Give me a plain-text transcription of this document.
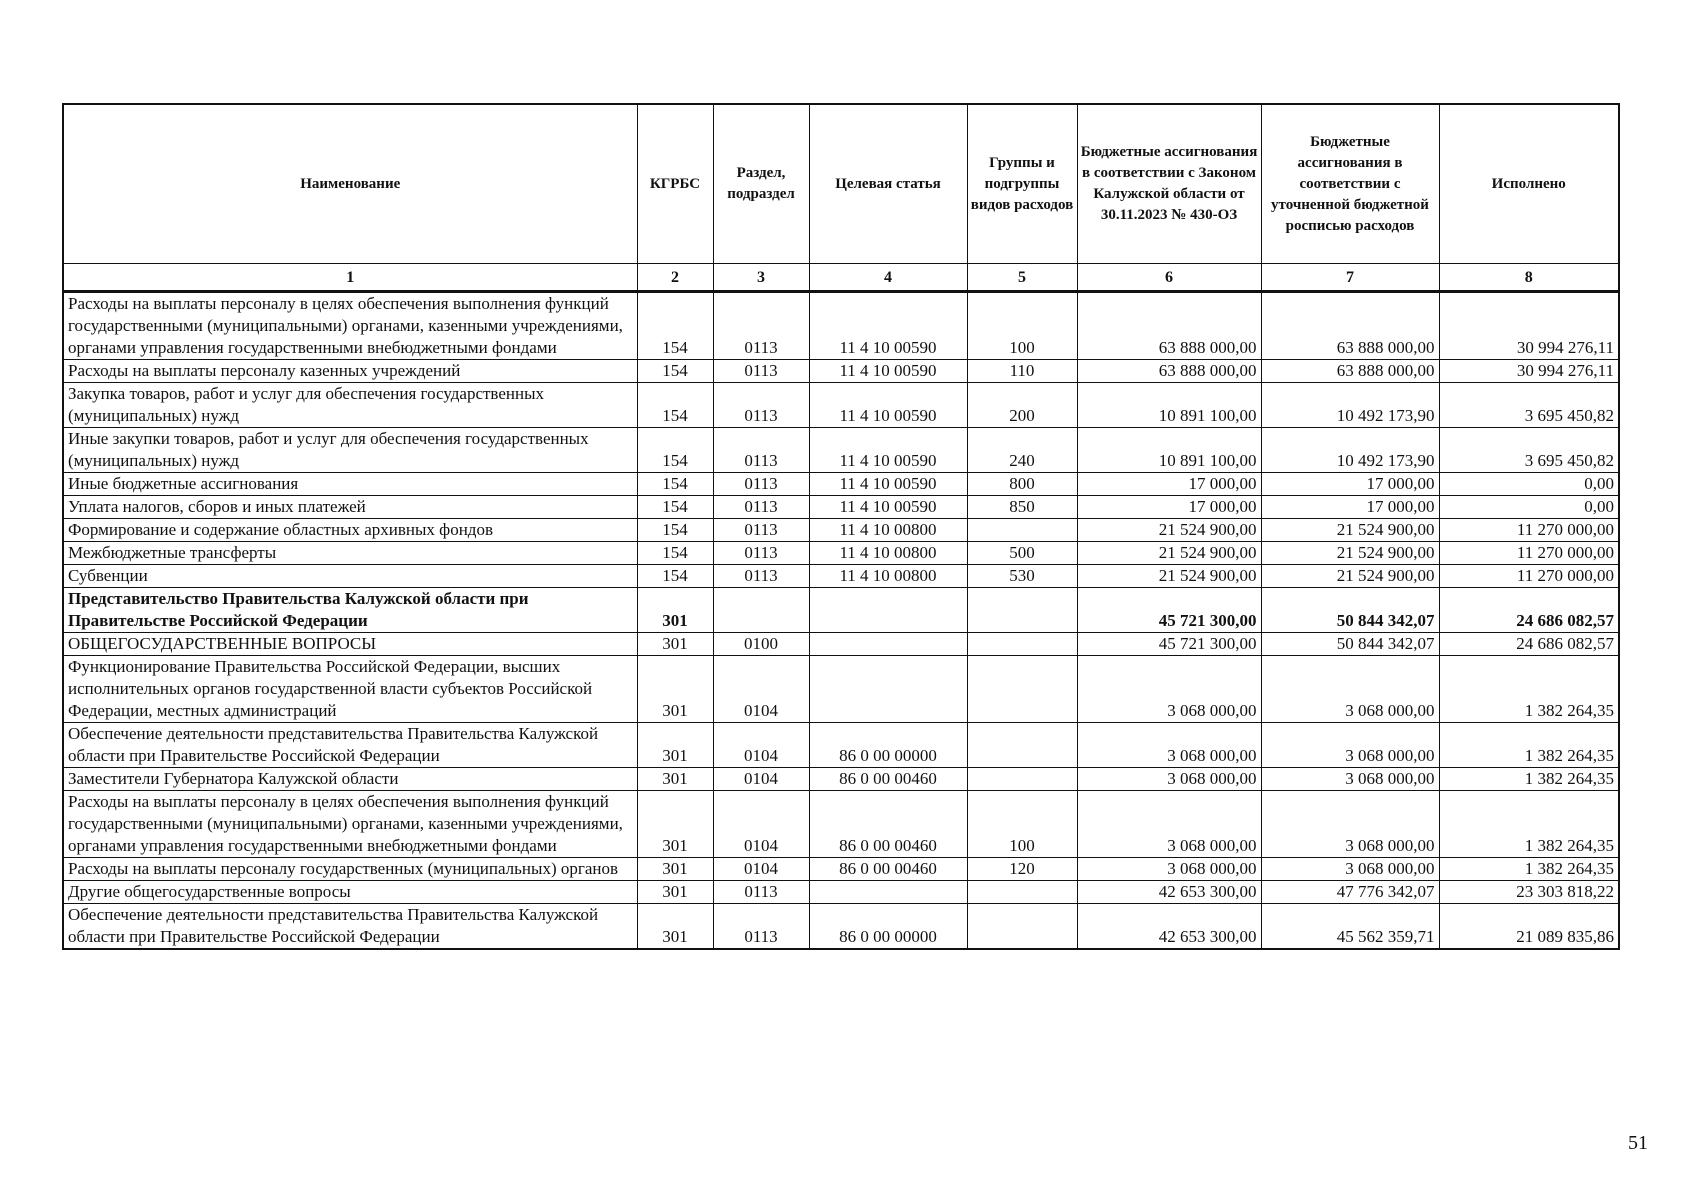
Наименование	КГРБС	Раздел, подраздел	Целевая статья	Группы и подгруппы видов расходов	Бюджетные ассигнования в соответствии с Законом Калужской области от 30.11.2023 № 430-ОЗ	Бюджетные ассигнования в соответствии с уточненной бюджетной росписью расходов	Исполнено
1	2	3	4	5	6	7	8
Расходы на выплаты персоналу в целях обеспечения выполнения функций государственными (муниципальными) органами, казенными учреждениями, органами управления государственными внебюджетными фондами	154	0113	11 4 10 00590	100	63 888 000,00	63 888 000,00	30 994 276,11
Расходы на выплаты персоналу казенных учреждений	154	0113	11 4 10 00590	110	63 888 000,00	63 888 000,00	30 994 276,11
Закупка товаров, работ и услуг для обеспечения государственных (муниципальных) нужд	154	0113	11 4 10 00590	200	10 891 100,00	10 492 173,90	3 695 450,82
Иные закупки товаров, работ и услуг для обеспечения государственных (муниципальных) нужд	154	0113	11 4 10 00590	240	10 891 100,00	10 492 173,90	3 695 450,82
Иные бюджетные ассигнования	154	0113	11 4 10 00590	800	17 000,00	17 000,00	0,00
Уплата налогов, сборов и иных платежей	154	0113	11 4 10 00590	850	17 000,00	17 000,00	0,00
Формирование и содержание областных архивных фондов	154	0113	11 4 10 00800		21 524 900,00	21 524 900,00	11 270 000,00
Межбюджетные трансферты	154	0113	11 4 10 00800	500	21 524 900,00	21 524 900,00	11 270 000,00
Субвенции	154	0113	11 4 10 00800	530	21 524 900,00	21 524 900,00	11 270 000,00
Представительство Правительства Калужской области при Правительстве Российской Федерации	301				45 721 300,00	50 844 342,07	24 686 082,57
ОБЩЕГОСУДАРСТВЕННЫЕ ВОПРОСЫ	301	0100			45 721 300,00	50 844 342,07	24 686 082,57
Функционирование Правительства Российской Федерации, высших исполнительных органов государственной власти субъектов Российской Федерации, местных администраций	301	0104			3 068 000,00	3 068 000,00	1 382 264,35
Обеспечение деятельности представительства Правительства Калужской области при Правительстве Российской Федерации	301	0104	86 0 00 00000		3 068 000,00	3 068 000,00	1 382 264,35
Заместители Губернатора Калужской области	301	0104	86 0 00 00460		3 068 000,00	3 068 000,00	1 382 264,35
Расходы на выплаты персоналу в целях обеспечения выполнения функций государственными (муниципальными) органами, казенными учреждениями, органами управления государственными внебюджетными фондами	301	0104	86 0 00 00460	100	3 068 000,00	3 068 000,00	1 382 264,35
Расходы на выплаты персоналу государственных (муниципальных) органов	301	0104	86 0 00 00460	120	3 068 000,00	3 068 000,00	1 382 264,35
Другие общегосударственные вопросы	301	0113			42 653 300,00	47 776 342,07	23 303 818,22
Обеспечение деятельности представительства Правительства Калужской области при Правительстве Российской Федерации	301	0113	86 0 00 00000		42 653 300,00	45 562 359,71	21 089 835,86
51
